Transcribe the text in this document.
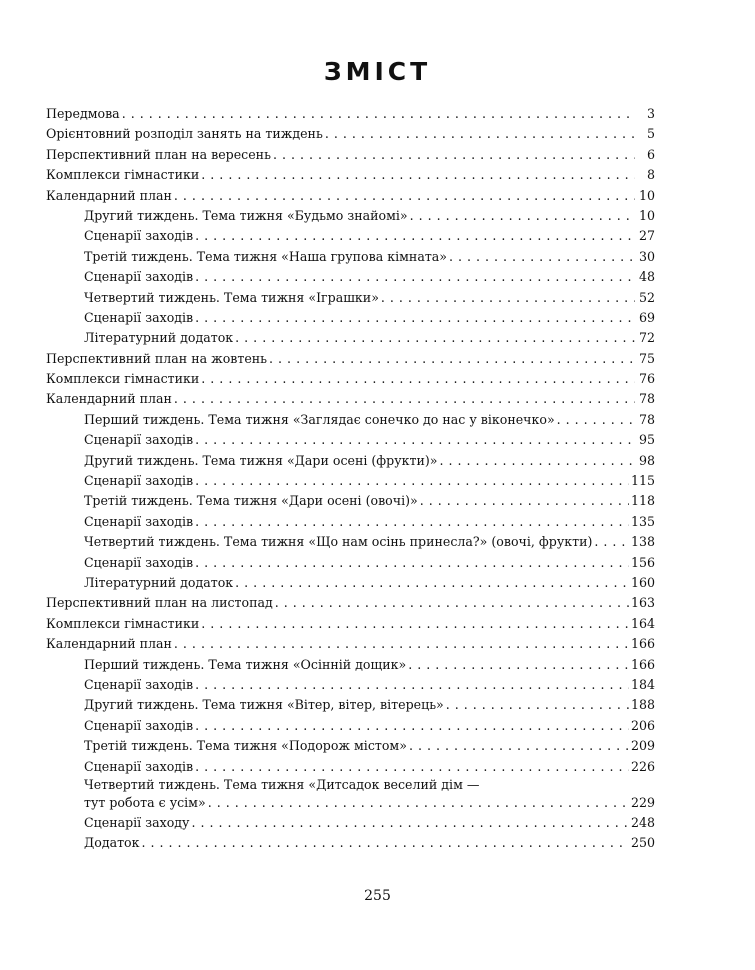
ЗМІСТ
Передмова . . .	3
Орієнтовний розподіл занять на тиждень . . .	5
Перспективний план на вересень . . .	6
Комплекси гімнастики . . .	8
Календарний план . . .	10
Другий тиждень. Тема тижня «Будьмо знайомі» . . .	10
Сценарії заходів . . .	27
Третій тиждень. Тема тижня «Наша групова кімната» . . .	30
Сценарії заходів . . .	48
Четвертий тиждень. Тема тижня «Іграшки» . . .	52
Сценарії заходів . . .	69
Літературний додаток . . .	72
Перспективний план на жовтень . . .	75
Комплекси гімнастики . . .	76
Календарний план . . .	78
Перший тиждень. Тема тижня «Заглядає сонечко до нас у віконечко» . . .	78
Сценарії заходів . . .	95
Другий тиждень. Тема тижня «Дари осені (фрукти)» . . .	98
Сценарії заходів . . .	115
Третій тиждень. Тема тижня «Дари осені (овочі)» . . .	118
Сценарії заходів . . .	135
Четвертий тиждень. Тема тижня «Що нам осінь принесла?» (овочі, фрукти) . . .	138
Сценарії заходів . . .	156
Літературний додаток . . .	160
Перспективний план на листопад . . .	163
Комплекси гімнастики . . .	164
Календарний план . . .	166
Перший тиждень. Тема тижня «Осінній дощик» . . .	166
Сценарії заходів . . .	184
Другий тиждень. Тема тижня «Вітер, вітер, вітерець» . . .	188
Сценарії заходів . . .	206
Третій тиждень. Тема тижня «Подорож містом» . . .	209
Сценарії заходів . . .	226
Четвертий тиждень. Тема тижня «Дитсадок веселий дім —
тут робота є усім» . . .	229
Сценарії заходу . . .	248
Додаток . . .	250
255
